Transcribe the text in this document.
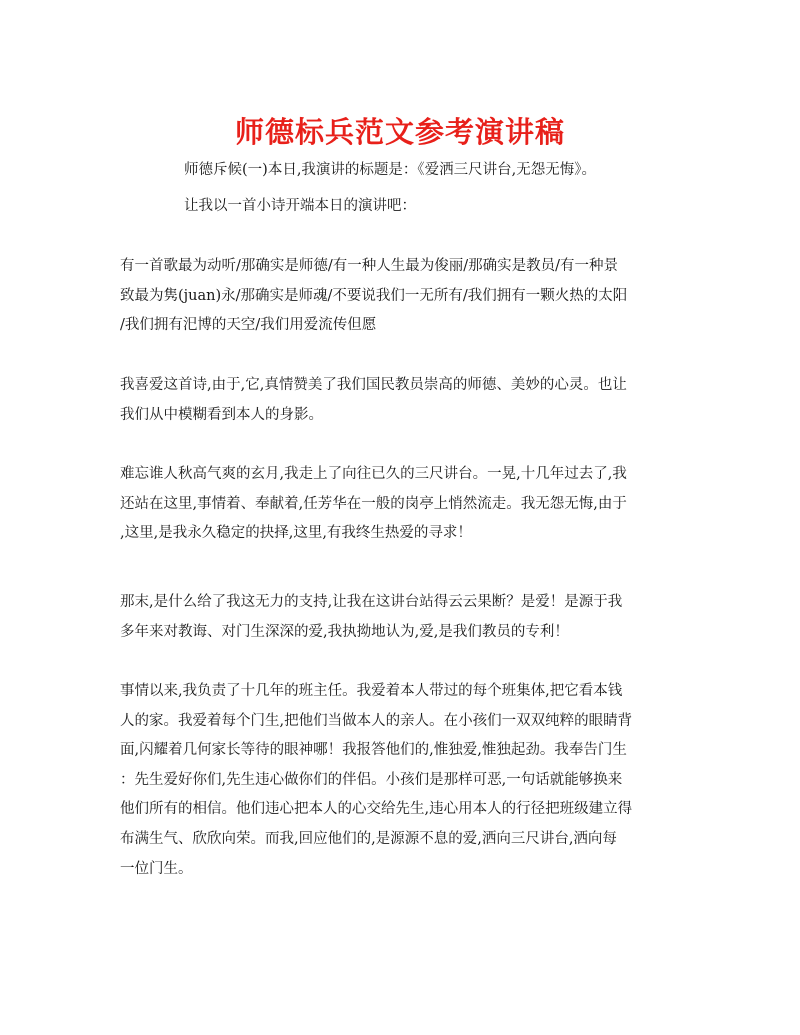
师德标兵范文参考演讲稿

师德斥候(一)本日,我演讲的标题是：《爱洒三尺讲台,无怨无悔》。

让我以一首小诗开端本日的演讲吧：

有一首歌最为动听/那确实是师德/有一种人生最为俊丽/那确实是教员/有一种景
致最为隽(juan)永/那确实是师魂/不要说我们一无所有/我们拥有一颗火热的太阳
/我们拥有汜博的天空/我们用爱流传但愿

我喜爱这首诗,由于,它,真情赞美了我们国民教员崇高的师德、美妙的心灵。也让
我们从中模糊看到本人的身影。

难忘谁人秋高气爽的玄月,我走上了向往已久的三尺讲台。一晃,十几年过去了,我
还站在这里,事情着、奉献着,任芳华在一般的岗亭上悄然流走。我无怨无悔,由于
,这里,是我永久稳定的抉择,这里,有我终生热爱的寻求！

那末,是什么给了我这无力的支持,让我在这讲台站得云云果断？是爱！是源于我
多年来对教诲、对门生深深的爱,我执拗地认为,爱,是我们教员的专利！

事情以来,我负责了十几年的班主任。我爱着本人带过的每个班集体,把它看本钱
人的家。我爱着每个门生,把他们当做本人的亲人。在小孩们一双双纯粹的眼睛背
面,闪耀着几何家长等待的眼神哪！我报答他们的,惟独爱,惟独起劲。我奉告门生
：先生爱好你们,先生违心做你们的伴侣。小孩们是那样可恶,一句话就能够换来
他们所有的相信。他们违心把本人的心交给先生,违心用本人的行径把班级建立得
布满生气、欣欣向荣。而我,回应他们的,是源源不息的爱,洒向三尺讲台,洒向每
一位门生。
